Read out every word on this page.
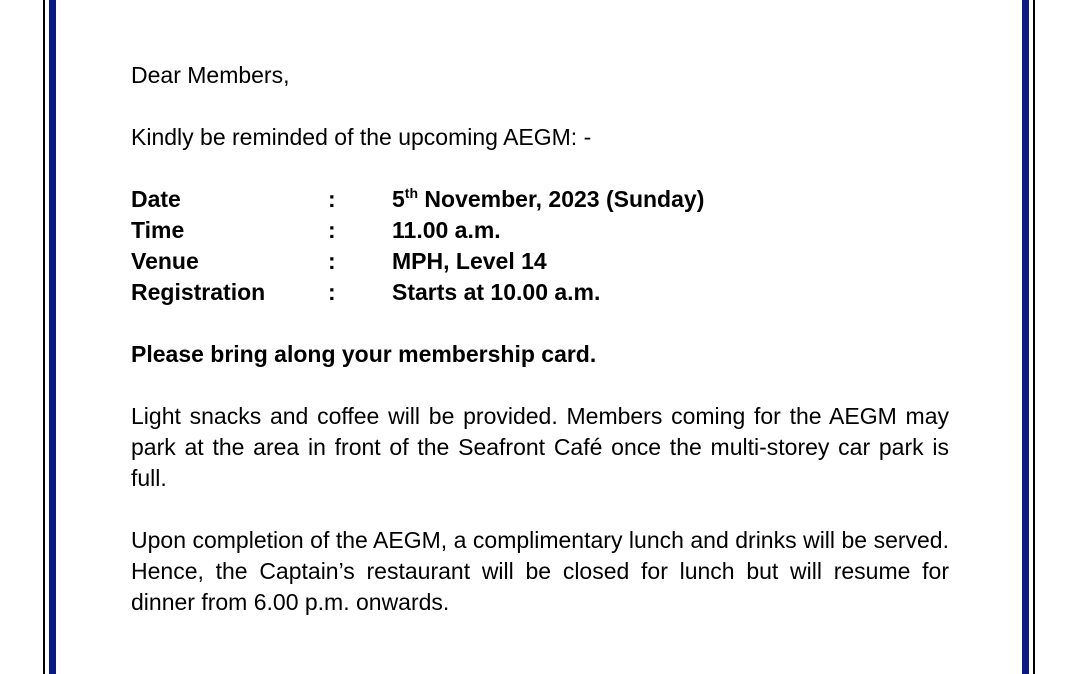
Dear Members,

Kindly be reminded of the upcoming AEGM: -

Date	:	5th November, 2023 (Sunday)
Time	:	11.00 a.m.
Venue	:	MPH, Level 14
Registration	:	Starts at 10.00 a.m.

Please bring along your membership card.

Light snacks and coffee will be provided. Members coming for the AEGM may park at the area in front of the Seafront Café once the multi-storey car park is full.

Upon completion of the AEGM, a complimentary lunch and drinks will be served. Hence, the Captain’s restaurant will be closed for lunch but will resume for dinner from 6.00 p.m. onwards.
